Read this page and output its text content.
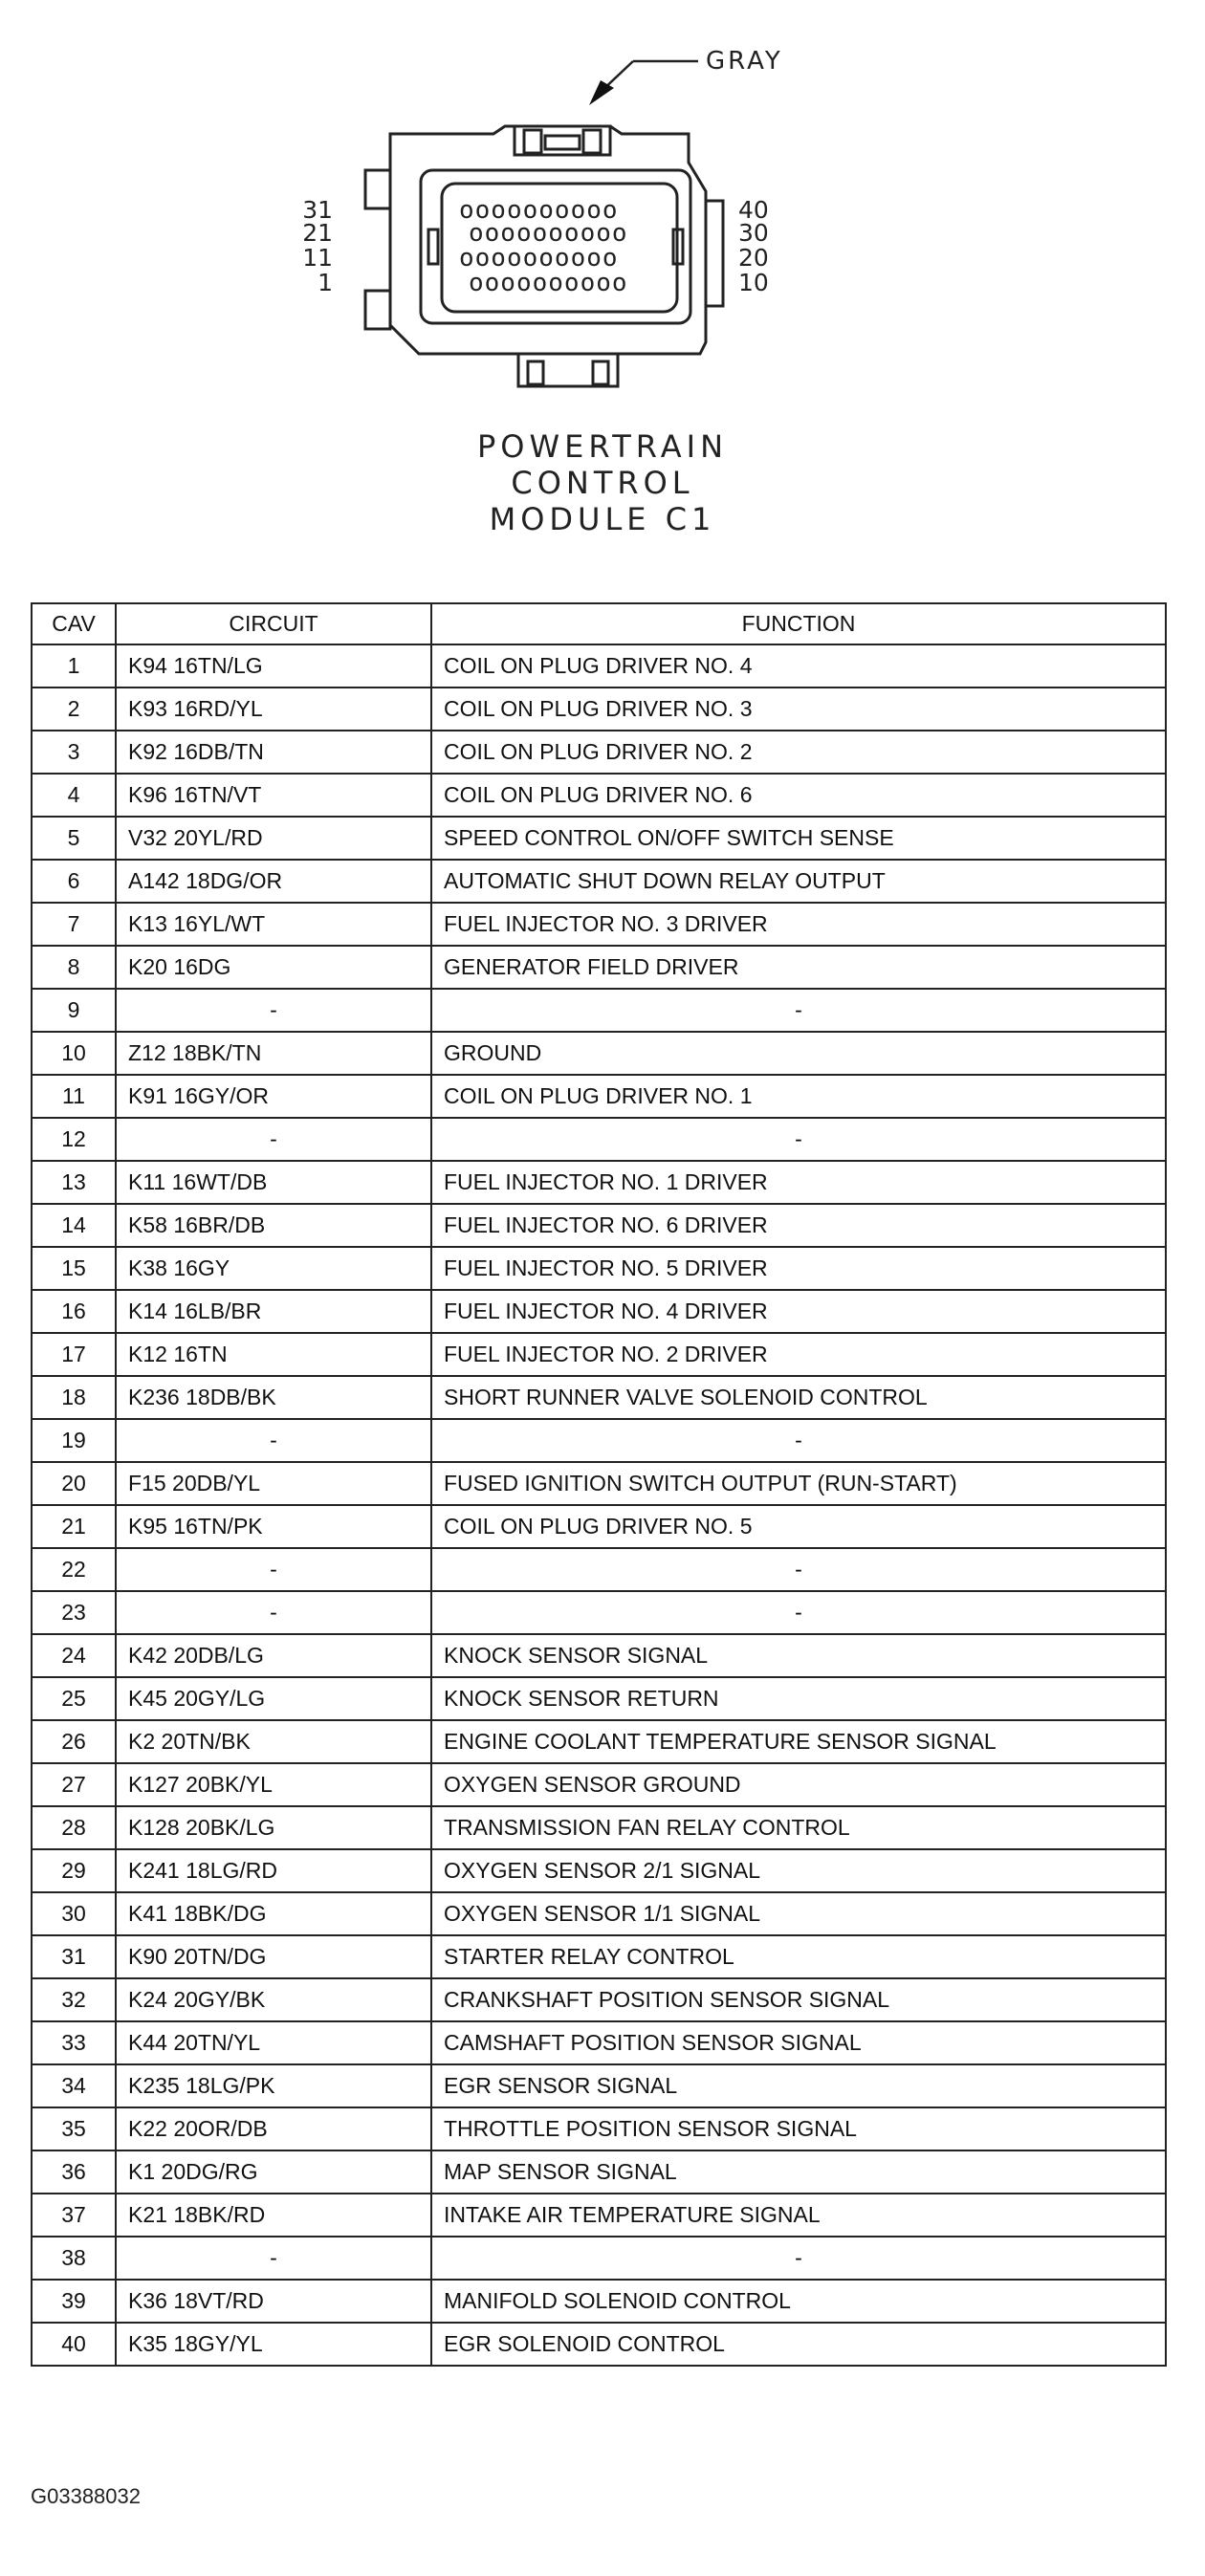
GRAY
oooooooooo
oooooooooo
oooooooooo
oooooooooo
31
21
11
1
40
30
20
10
POWERTRAIN
CONTROL
MODULE C1
CAV	CIRCUIT	FUNCTION
1	K94 16TN/LG	COIL ON PLUG DRIVER NO. 4
2	K93 16RD/YL	COIL ON PLUG DRIVER NO. 3
3	K92 16DB/TN	COIL ON PLUG DRIVER NO. 2
4	K96 16TN/VT	COIL ON PLUG DRIVER NO. 6
5	V32 20YL/RD	SPEED CONTROL ON/OFF SWITCH SENSE
6	A142 18DG/OR	AUTOMATIC SHUT DOWN RELAY OUTPUT
7	K13 16YL/WT	FUEL INJECTOR NO. 3 DRIVER
8	K20 16DG	GENERATOR FIELD DRIVER
9	-	-
10	Z12 18BK/TN	GROUND
11	K91 16GY/OR	COIL ON PLUG DRIVER NO. 1
12	-	-
13	K11 16WT/DB	FUEL INJECTOR NO. 1 DRIVER
14	K58 16BR/DB	FUEL INJECTOR NO. 6 DRIVER
15	K38 16GY	FUEL INJECTOR NO. 5 DRIVER
16	K14 16LB/BR	FUEL INJECTOR NO. 4 DRIVER
17	K12 16TN	FUEL INJECTOR NO. 2 DRIVER
18	K236 18DB/BK	SHORT RUNNER VALVE SOLENOID CONTROL
19	-	-
20	F15 20DB/YL	FUSED IGNITION SWITCH OUTPUT (RUN-START)
21	K95 16TN/PK	COIL ON PLUG DRIVER NO. 5
22	-	-
23	-	-
24	K42 20DB/LG	KNOCK SENSOR SIGNAL
25	K45 20GY/LG	KNOCK SENSOR RETURN
26	K2 20TN/BK	ENGINE COOLANT TEMPERATURE SENSOR SIGNAL
27	K127 20BK/YL	OXYGEN SENSOR GROUND
28	K128 20BK/LG	TRANSMISSION FAN RELAY CONTROL
29	K241 18LG/RD	OXYGEN SENSOR 2/1 SIGNAL
30	K41 18BK/DG	OXYGEN SENSOR 1/1 SIGNAL
31	K90 20TN/DG	STARTER RELAY CONTROL
32	K24 20GY/BK	CRANKSHAFT POSITION SENSOR SIGNAL
33	K44 20TN/YL	CAMSHAFT POSITION SENSOR SIGNAL
34	K235 18LG/PK	EGR SENSOR SIGNAL
35	K22 20OR/DB	THROTTLE POSITION SENSOR SIGNAL
36	K1 20DG/RG	MAP SENSOR SIGNAL
37	K21 18BK/RD	INTAKE AIR TEMPERATURE SIGNAL
38	-	-
39	K36 18VT/RD	MANIFOLD SOLENOID CONTROL
40	K35 18GY/YL	EGR SOLENOID CONTROL
G03388032
